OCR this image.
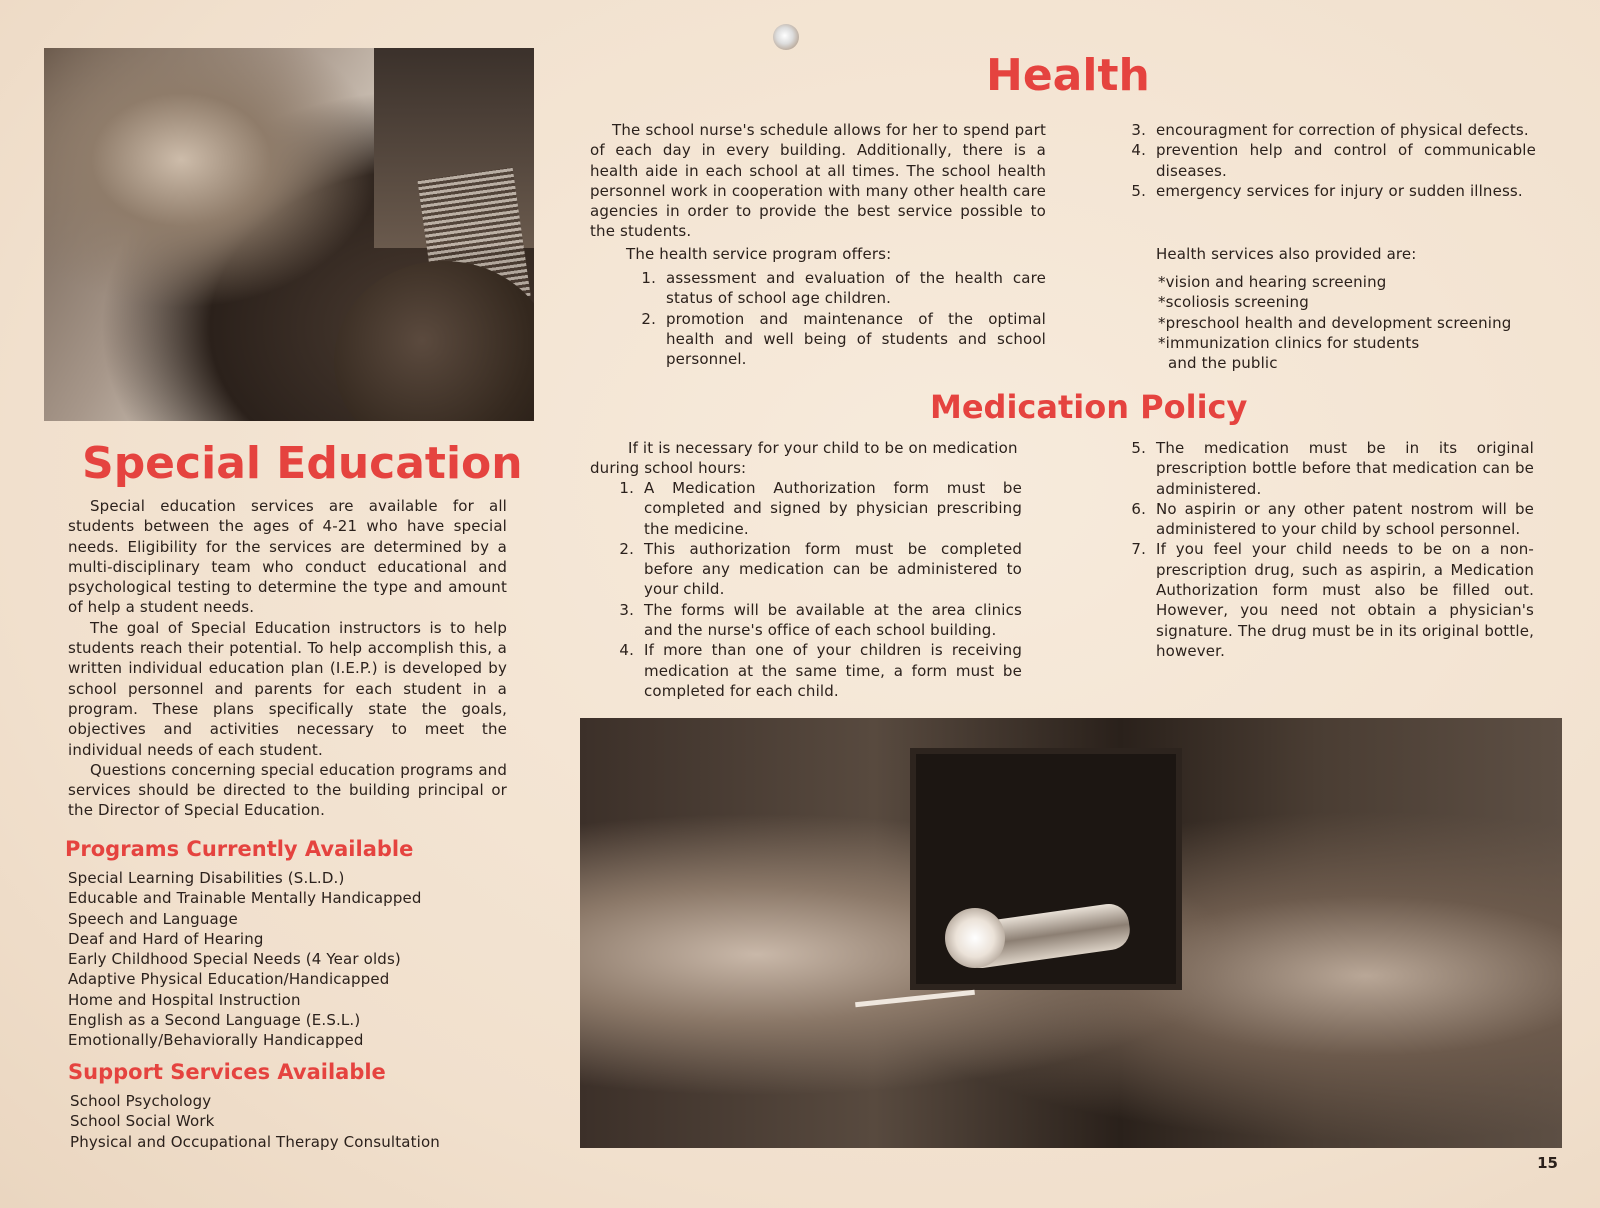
Special Education

Special education services are available for all students between the ages of 4-21 who have special needs. Eligibility for the services are determined by a multi-disciplinary team who conduct educational and psychological testing to determine the type and amount of help a student needs.

The goal of Special Education instructors is to help students reach their potential. To help accomplish this, a written individual education plan (I.E.P.) is developed by school personnel and parents for each student in a program. These plans specifically state the goals, objectives and activities necessary to meet the individual needs of each student.

Questions concerning special education programs and services should be directed to the building principal or the Director of Special Education.

Programs Currently Available
Special Learning Disabilities (S.L.D.)
Educable and Trainable Mentally Handicapped
Speech and Language
Deaf and Hard of Hearing
Early Childhood Special Needs (4 Year olds)
Adaptive Physical Education/Handicapped
Home and Hospital Instruction
English as a Second Language (E.S.L.)
Emotionally/Behaviorally Handicapped
Support Services Available
School Psychology
School Social Work
Physical and Occupational Therapy Consultation
Health
The school nurse's schedule allows for her to spend part of each day in every building. Additionally, there is a health aide in each school at all times. The school health personnel work in cooperation with many other health care agencies in order to provide the best service possible to the students.
The health service program offers:
1. assessment and evaluation of the health care status of school age children.
2. promotion and maintenance of the optimal health and well being of students and school personnel.
3. encouragment for correction of physical defects.
4. prevention help and control of communicable diseases.
5. emergency services for injury or sudden illness.
Health services also provided are:
*vision and hearing screening
*scoliosis screening
*preschool health and development screening
*immunization clinics for students
and the public
Medication Policy
If it is necessary for your child to be on medication during school hours:
1. A Medication Authorization form must be completed and signed by physician prescribing the medicine.
2. This authorization form must be completed before any medication can be administered to your child.
3. The forms will be available at the area clinics and the nurse's office of each school building.
4. If more than one of your children is receiving medication at the same time, a form must be completed for each child.
5. The medication must be in its original prescription bottle before that medication can be administered.
6. No aspirin or any other patent nostrom will be administered to your child by school personnel.
7. If you feel your child needs to be on a non-prescription drug, such as aspirin, a Medication Authorization form must also be filled out. However, you need not obtain a physician's signature. The drug must be in its original bottle, however.
15
